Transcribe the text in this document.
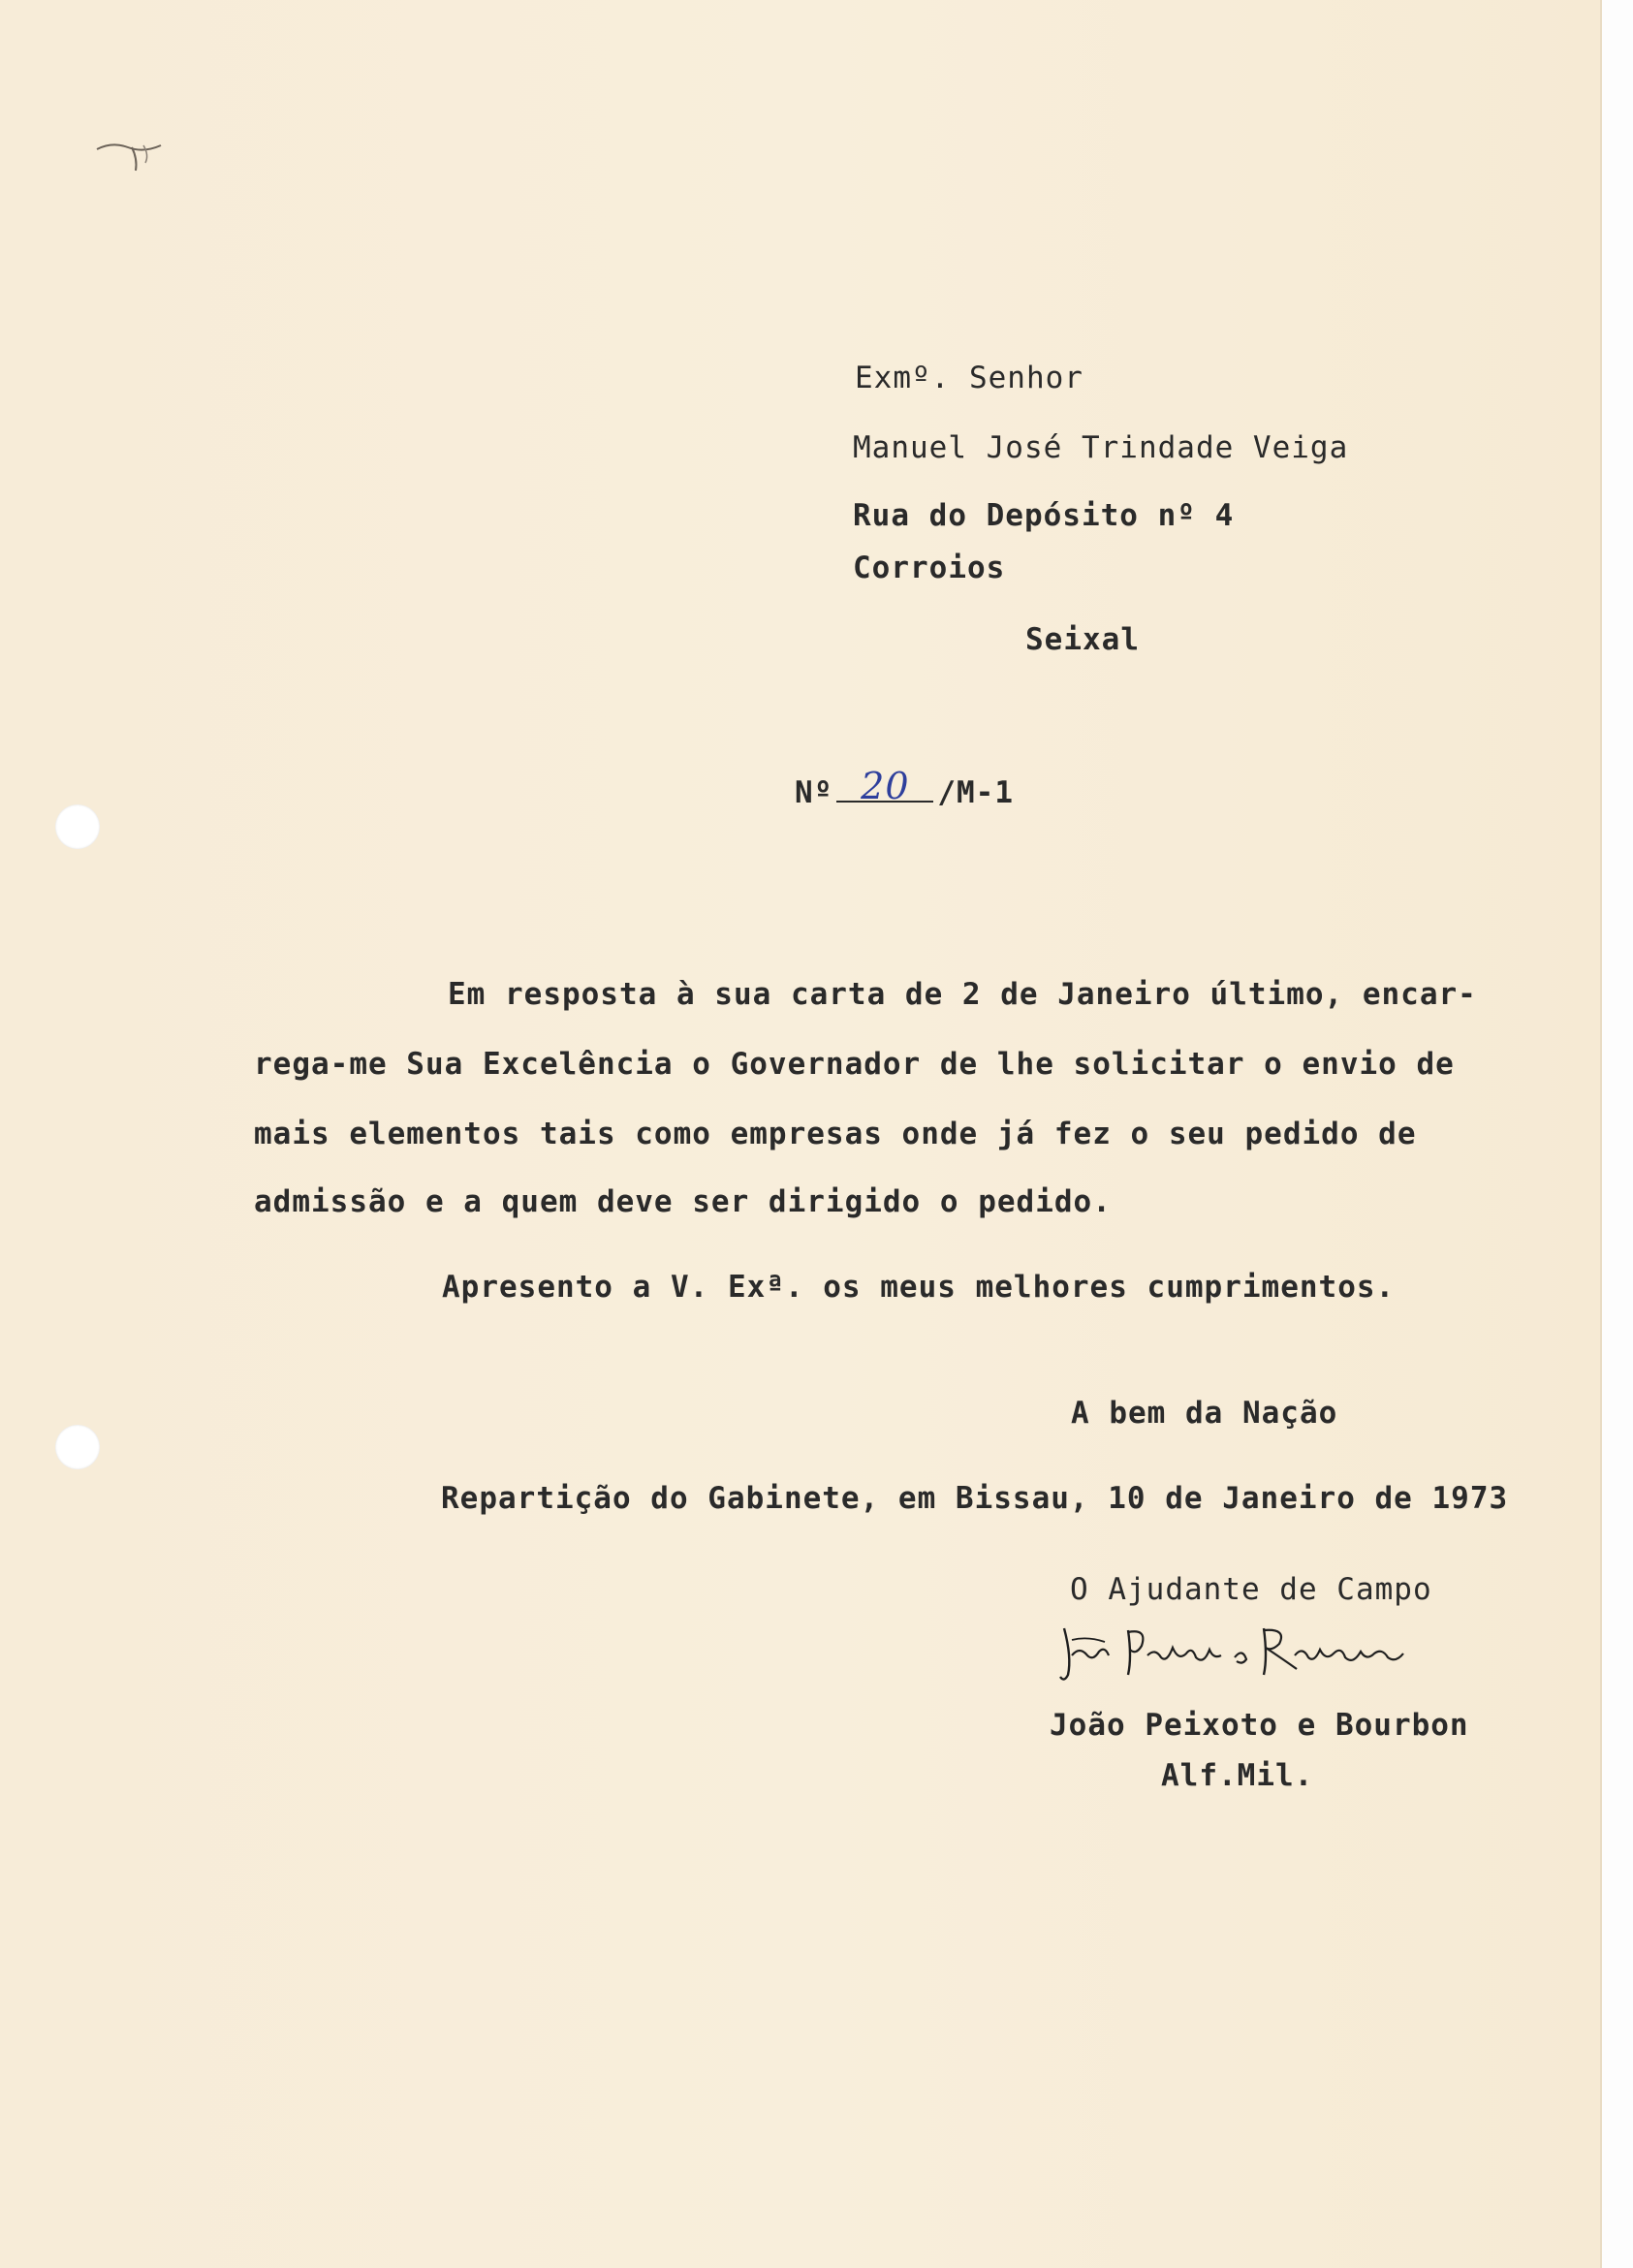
Exmº. Senhor
Manuel José Trindade Veiga
Rua do Depósito nº 4
Corroios
Seixal
Nº 20 /M-1
Em resposta à sua carta de 2 de Janeiro último, encar-
rega-me Sua Excelência o Governador de lhe solicitar o envio de
mais elementos tais como empresas onde já fez o seu pedido de
admissão e a quem deve ser dirigido o pedido.
Apresento a V. Exª. os meus melhores cumprimentos.
A bem da Nação
Repartição do Gabinete, em Bissau, 10 de Janeiro de 1973
O Ajudante de Campo
João Peixoto e Bourbon
Alf.Mil.
